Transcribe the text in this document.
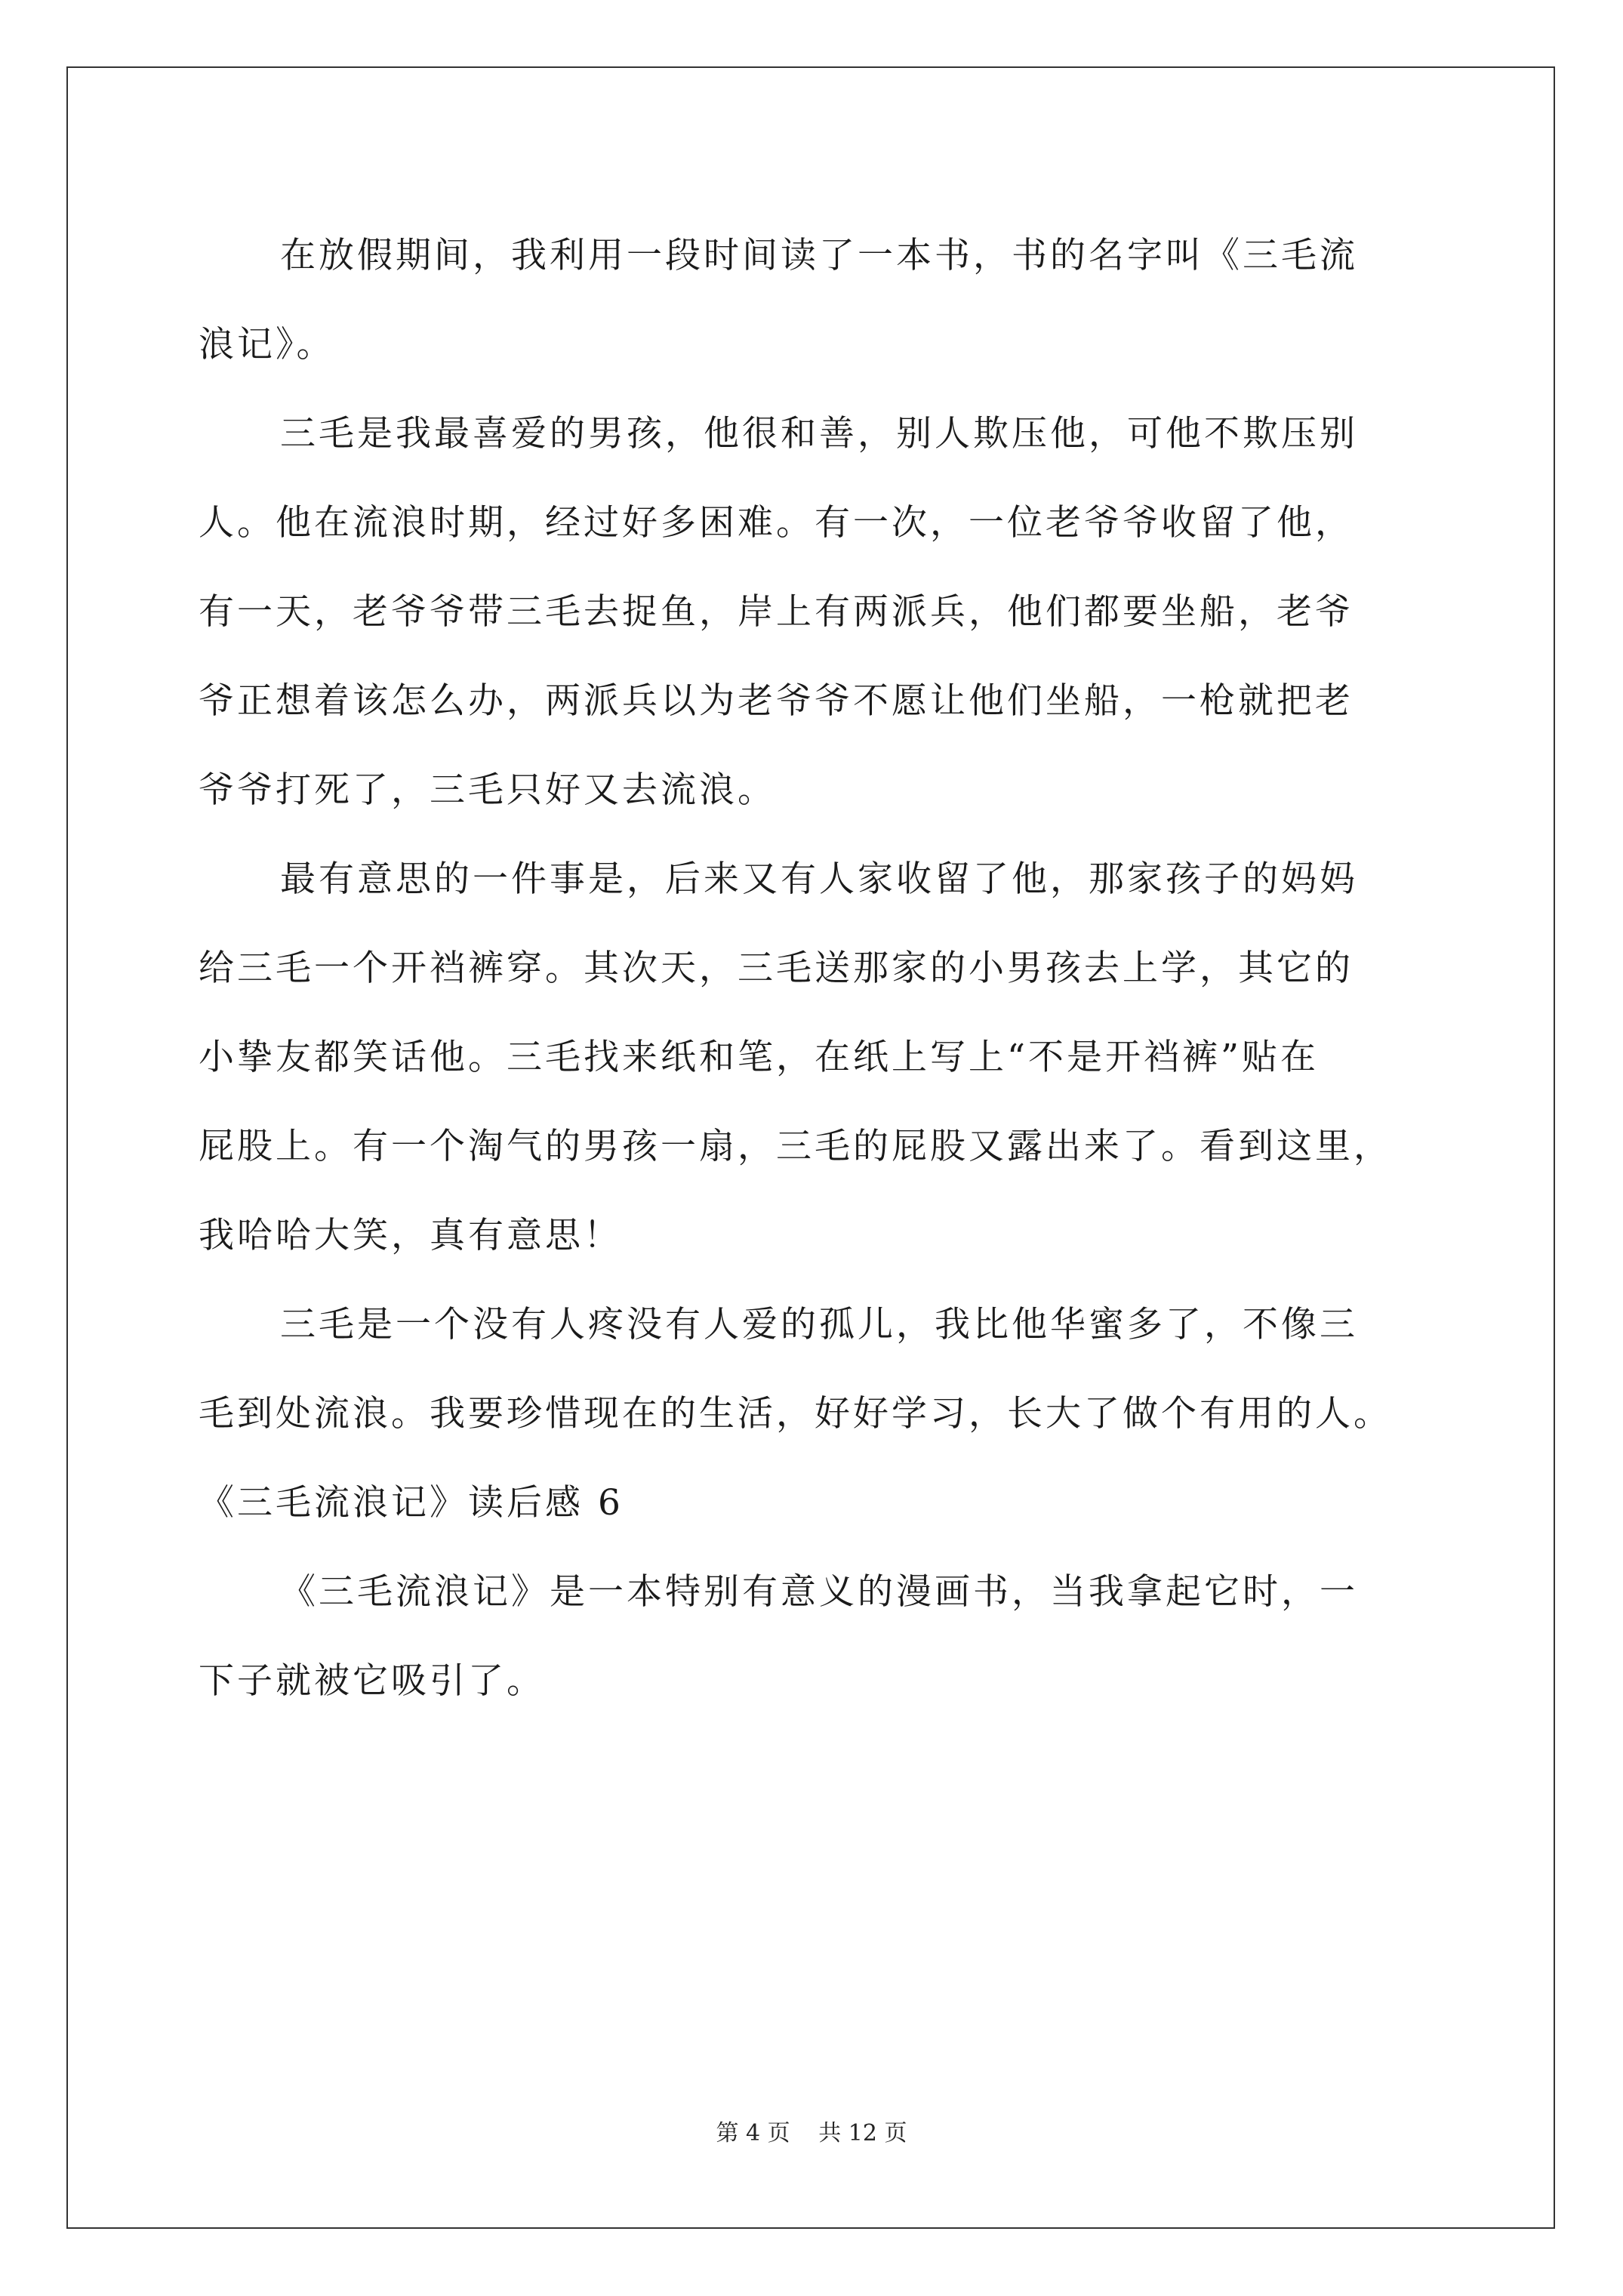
在放假期间，我利用一段时间读了一本书，书的名字叫《三毛流
浪记》。
三毛是我最喜爱的男孩，他很和善，别人欺压他，可他不欺压别
人。他在流浪时期，经过好多困难。有一次，一位老爷爷收留了他，
有一天，老爷爷带三毛去捉鱼，岸上有两派兵，他们都要坐船，老爷
爷正想着该怎么办，两派兵以为老爷爷不愿让他们坐船，一枪就把老
爷爷打死了，三毛只好又去流浪。
最有意思的一件事是，后来又有人家收留了他，那家孩子的妈妈
给三毛一个开裆裤穿。其次天，三毛送那家的小男孩去上学，其它的
小挚友都笑话他。三毛找来纸和笔，在纸上写上“不是开裆裤”贴在
屁股上。有一个淘气的男孩一扇，三毛的屁股又露出来了。看到这里，
我哈哈大笑，真有意思！
三毛是一个没有人疼没有人爱的孤儿，我比他华蜜多了，不像三
毛到处流浪。我要珍惜现在的生活，好好学习，长大了做个有用的人。
《三毛流浪记》读后感 6
《三毛流浪记》是一本特别有意义的漫画书，当我拿起它时，一
下子就被它吸引了。
第 4 页 共 12 页
